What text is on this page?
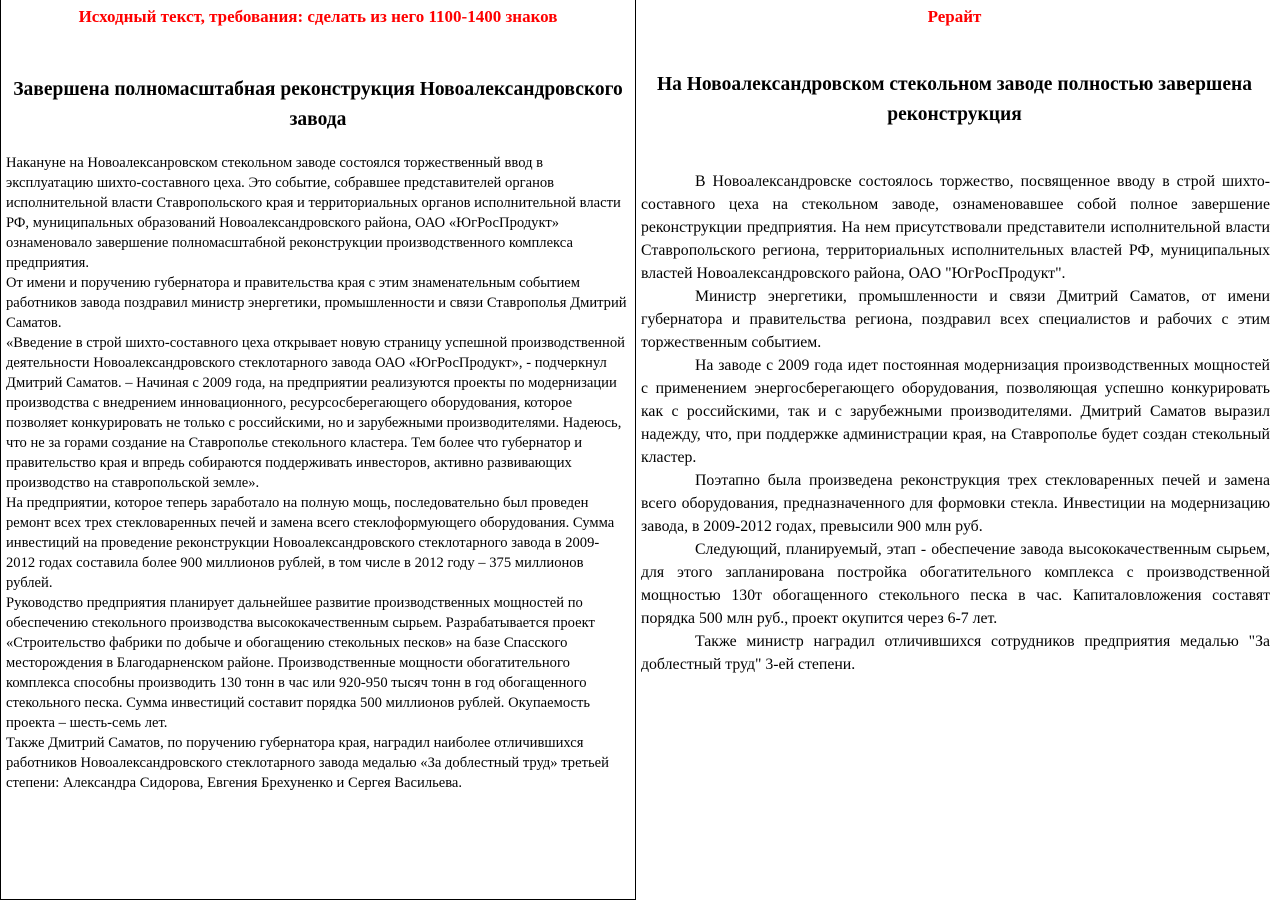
Исходный текст, требования: сделать из него 1100-1400 знаков
Завершена полномасштабная реконструкция Новоалександровского завода

Накануне на Новоалексанровском стекольном заводе состоялся торжественный ввод в эксплуатацию шихто-составного цеха. Это событие, собравшее представителей органов исполнительной власти Ставропольского края и территориальных органов исполнительной власти РФ, муниципальных образований Новоалександровского района, ОАО «ЮгРосПродукт» ознаменовало завершение полномасштабной реконструкции производственного комплекса предприятия.

От имени и поручению губернатора и правительства края с этим знаменательным событием работников завода поздравил министр энергетики, промышленности и связи Ставрополья Дмитрий Саматов.

«Введение в строй шихто-составного цеха открывает новую страницу успешной производственной деятельности Новоалександровского стеклотарного завода ОАО «ЮгРосПродукт», - подчеркнул Дмитрий Саматов. – Начиная с 2009 года, на предприятии реализуются проекты по модернизации производства с внедрением инновационного, ресурсосберегающего оборудования, которое позволяет конкурировать не только с российскими, но и зарубежными производителями. Надеюсь, что не за горами создание на Ставрополье стекольного кластера. Тем более что губернатор и правительство края и впредь собираются поддерживать инвесторов, активно развивающих производство на ставропольской земле».

На предприятии, которое теперь заработало на полную мощь, последовательно был проведен ремонт всех трех стекловаренных печей и замена всего стеклоформующего оборудования. Сумма инвестиций на проведение реконструкции Новоалександровского стеклотарного завода в 2009-2012 годах составила более 900 миллионов рублей, в том числе в 2012 году – 375 миллионов рублей.

Руководство предприятия планирует дальнейшее развитие производственных мощностей по обеспечению стекольного производства высококачественным сырьем. Разрабатывается проект «Строительство фабрики по добыче и обогащению стекольных песков» на базе Спасского месторождения в Благодарненском районе. Производственные мощности обогатительного комплекса способны производить 130 тонн в час или 920-950 тысяч тонн в год обогащенного стекольного песка. Сумма инвестиций составит порядка 500 миллионов рублей. Окупаемость проекта – шесть-семь лет.

Также Дмитрий Саматов, по поручению губернатора края, наградил наиболее отличившихся работников Новоалександровского стеклотарного завода медалью «За доблестный труд» третьей степени: Александра Сидорова, Евгения Брехуненко и Сергея Васильева.

Рерайт
На Новоалександровском стекольном заводе полностью завершена реконструкция

В Новоалександровске состоялось торжество, посвященное вводу в строй шихто-составного цеха на стекольном заводе, ознаменовавшее собой полное завершение реконструкции предприятия. На нем присутствовали представители исполнительной власти Ставропольского региона, территориальных исполнительных властей РФ, муниципальных властей Новоалександровского района, ОАО "ЮгРосПродукт".

Министр энергетики, промышленности и связи Дмитрий Саматов, от имени губернатора и правительства региона, поздравил всех специалистов и рабочих с этим торжественным событием.

На заводе с 2009 года идет постоянная модернизация производственных мощностей с применением энергосберегающего оборудования, позволяющая успешно конкурировать как с российскими, так и с зарубежными производителями. Дмитрий Саматов выразил надежду, что, при поддержке администрации края, на Ставрополье будет создан стекольный кластер.

Поэтапно была произведена реконструкция трех стекловаренных печей и замена всего оборудования, предназначенного для формовки стекла. Инвестиции на модернизацию завода, в 2009-2012 годах, превысили 900 млн руб.

Следующий, планируемый, этап - обеспечение завода высококачественным сырьем, для этого запланирована постройка обогатительного комплекса с производственной мощностью 130т обогащенного стекольного песка в час. Капиталовложения составят порядка 500 млн руб., проект окупится через 6-7 лет.

Также министр наградил отличившихся сотрудников предприятия медалью "За доблестный труд" 3-ей степени.
